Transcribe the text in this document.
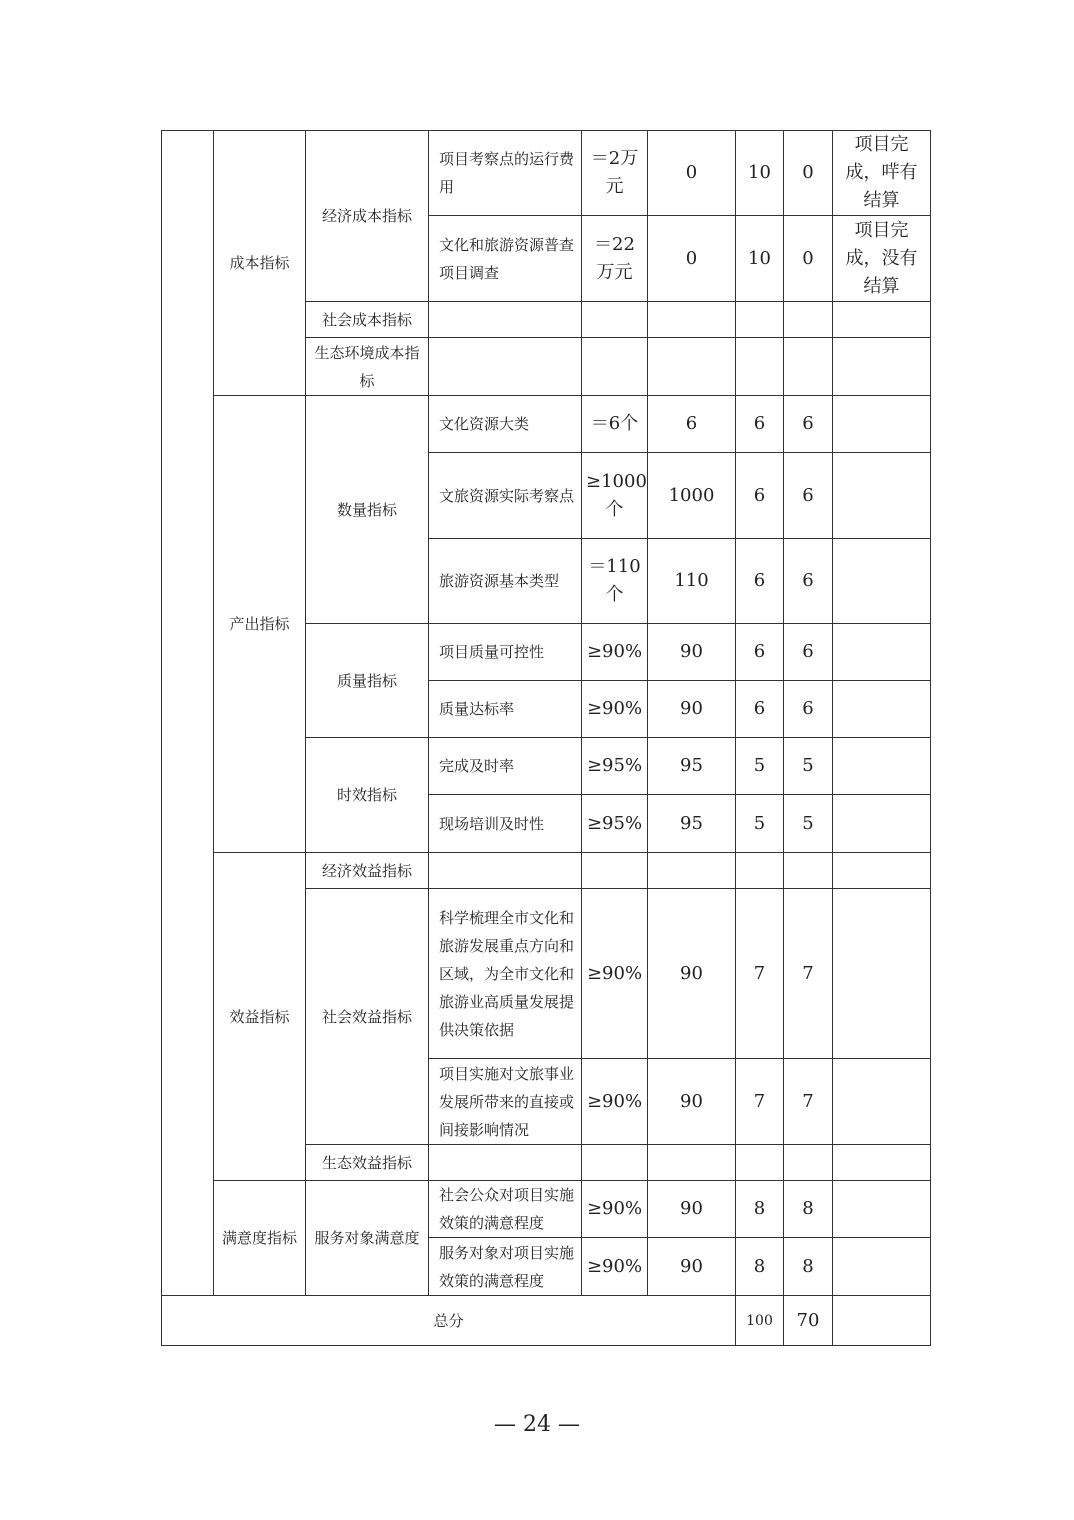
	成本指标	经济成本指标	项目考察点的运行费用	＝2万元	0	10	0	项目完成，哶有结算
			文化和旅游资源普查项目调查	＝22万元	0	10	0	项目完成，没有结算
		社会成本指标						
		生态环境成本指标						
	产出指标	数量指标	文化资源大类	＝6个	6	6	6	
			文旅资源实际考察点	≥1000个	1000	6	6	
			旅游资源基本类型	＝110个	110	6	6	
		质量指标	项目质量可控性	≥90%	90	6	6	
			质量达标率	≥90%	90	6	6	
		时效指标	完成及时率	≥95%	95	5	5	
			现场培训及时性	≥95%	95	5	5	
	效益指标	经济效益指标						
		社会效益指标	科学梳理全市文化和旅游发展重点方向和区域，为全市文化和旅游业高质量发展提供决策依据	≥90%	90	7	7	
			项目实施对文旅事业发展所带来的直接或间接影响情况	≥90%	90	7	7	
		生态效益指标						
	满意度指标	服务对象满意度	社会公众对项目实施效策的满意程度	≥90%	90	8	8	
			服务对象对项目实施效策的满意程度	≥90%	90	8	8	
总分						100	70	
— 24 —
